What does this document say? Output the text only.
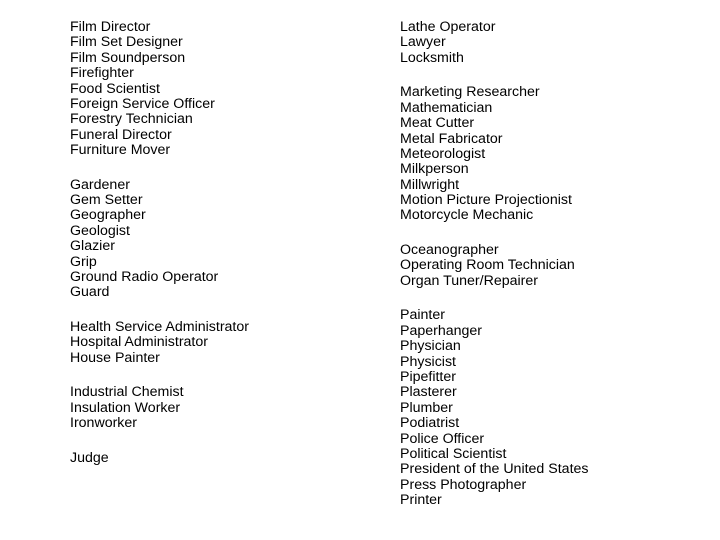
Film Director
Film Set Designer
Film Soundperson
Firefighter
Food Scientist
Foreign Service Officer
Forestry Technician
Funeral Director
Furniture Mover
Gardener
Gem Setter
Geographer
Geologist
Glazier
Grip
Ground Radio Operator
Guard
Health Service Administrator
Hospital Administrator
House Painter
Industrial Chemist
Insulation Worker
Ironworker
Judge
Lathe Operator
Lawyer
Locksmith
Marketing Researcher
Mathematician
Meat Cutter
Metal Fabricator
Meteorologist
Milkperson
Millwright
Motion Picture Projectionist
Motorcycle Mechanic
Oceanographer
Operating Room Technician
Organ Tuner/Repairer
Painter
Paperhanger
Physician
Physicist
Pipefitter
Plasterer
Plumber
Podiatrist
Police Officer
Political Scientist
President of the United States
Press Photographer
Printer
